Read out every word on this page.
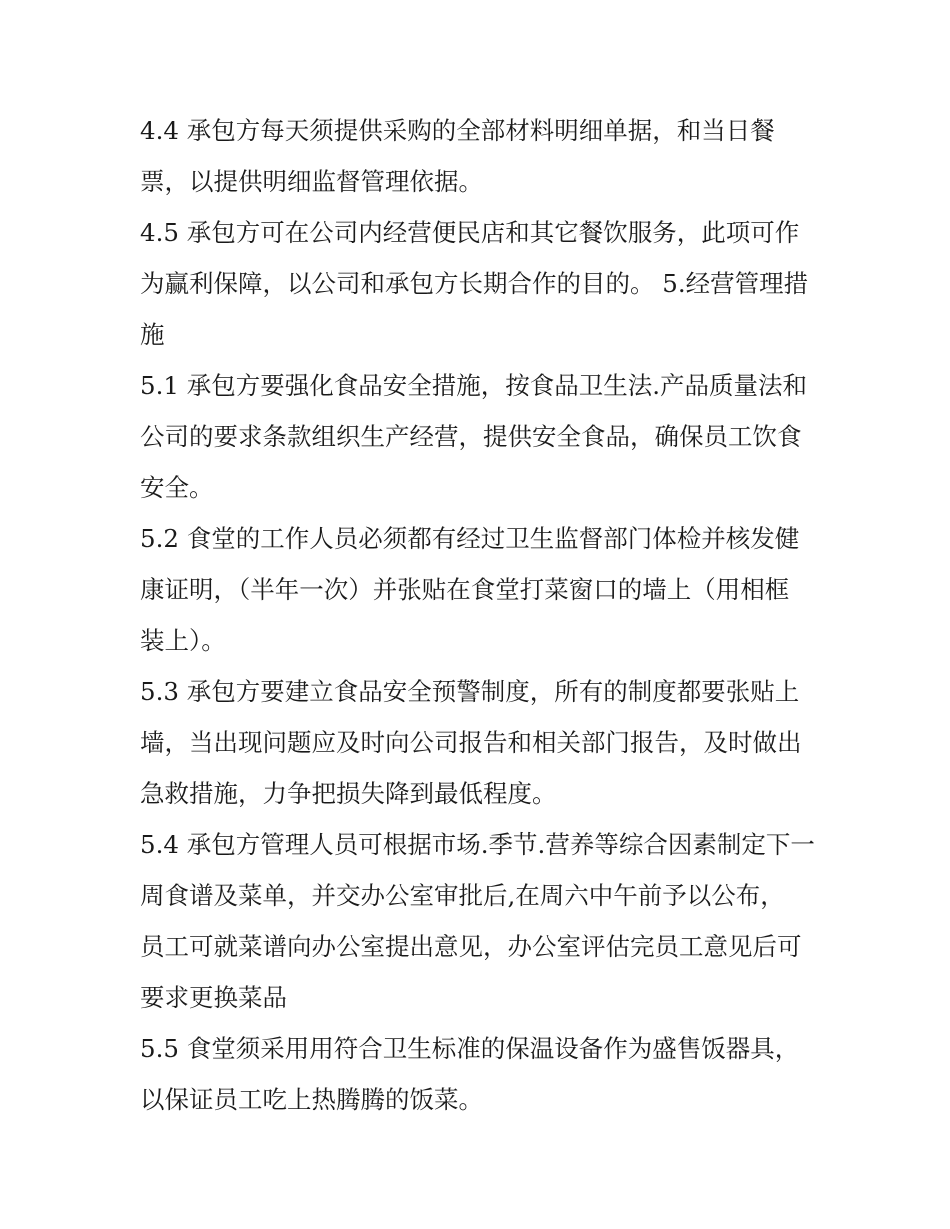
4.4 承包方每天须提供采购的全部材料明细单据，和当日餐
票，以提供明细监督管理依据。
4.5 承包方可在公司内经营便民店和其它餐饮服务，此项可作
为赢利保障，以公司和承包方长期合作的目的。 5.经营管理措
施
5.1 承包方要强化食品安全措施，按食品卫生法.产品质量法和
公司的要求条款组织生产经营，提供安全食品，确保员工饮食
安全。
5.2 食堂的工作人员必须都有经过卫生监督部门体检并核发健
康证明，（半年一次）并张贴在食堂打菜窗口的墙上（用相框
装上）。
5.3 承包方要建立食品安全预警制度，所有的制度都要张贴上
墙，当出现问题应及时向公司报告和相关部门报告，及时做出
急救措施，力争把损失降到最低程度。
5.4 承包方管理人员可根据市场.季节.营养等综合因素制定下一
周食谱及菜单，并交办公室审批后,在周六中午前予以公布，
员工可就菜谱向办公室提出意见，办公室评估完员工意见后可
要求更换菜品
5.5 食堂须采用用符合卫生标准的保温设备作为盛售饭器具，
以保证员工吃上热腾腾的饭菜。
